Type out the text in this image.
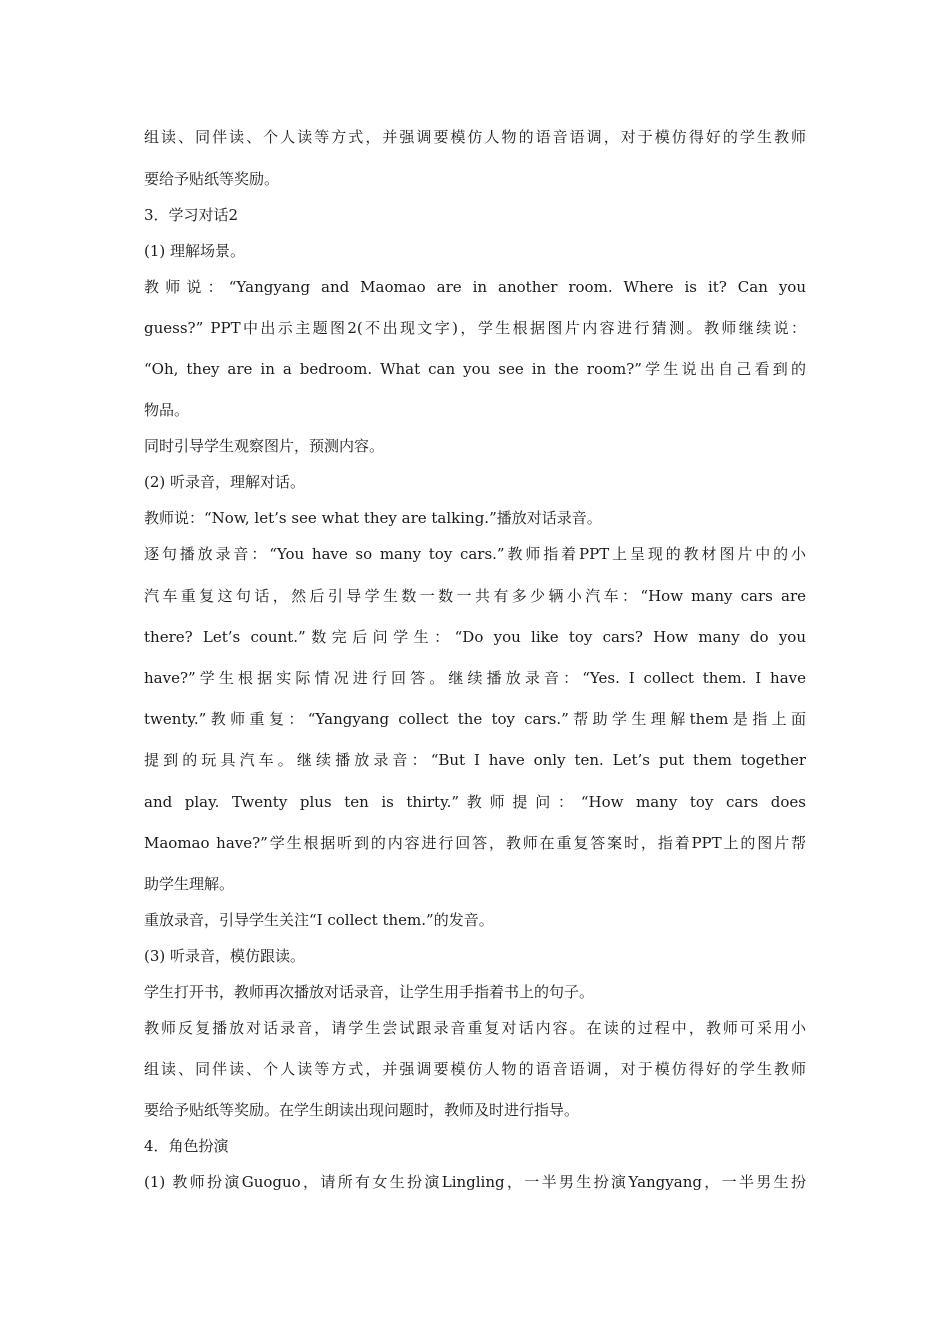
组读、同伴读、个人读等方式，并强调要模仿人物的语音语调，对于模仿得好的学生教师
要给予贴纸等奖励。
3．学习对话2
(1) 理解场景。
教师说：“Yangyang and Maomao are in another room. Where is it? Can you
guess?” PPT中出示主题图2(不出现文字)，学生根据图片内容进行猜测。教师继续说：
“Oh, they are in a bedroom. What can you see in the room?”学生说出自己看到的
物品。
同时引导学生观察图片，预测内容。
(2) 听录音，理解对话。
教师说：“Now, let’s see what they are talking.”播放对话录音。
逐句播放录音：“You have so many toy cars.”教师指着PPT上呈现的教材图片中的小
汽车重复这句话，然后引导学生数一数一共有多少辆小汽车：“How many cars are
there? Let’s count.”数完后问学生：“Do you like toy cars? How many do you
have?”学生根据实际情况进行回答。继续播放录音：“Yes. I collect them. I have
twenty.”教师重复：“Yangyang collect the toy cars.”帮助学生理解them是指上面
提到的玩具汽车。继续播放录音：“But I have only ten. Let’s put them together
and play. Twenty plus ten is thirty.”教师提问：“How many toy cars does
Maomao have?”学生根据听到的内容进行回答，教师在重复答案时，指着PPT上的图片帮
助学生理解。
重放录音，引导学生关注“I collect them.”的发音。
(3) 听录音，模仿跟读。
学生打开书，教师再次播放对话录音，让学生用手指着书上的句子。
教师反复播放对话录音，请学生尝试跟录音重复对话内容。在读的过程中，教师可采用小
组读、同伴读、个人读等方式，并强调要模仿人物的语音语调，对于模仿得好的学生教师
要给予贴纸等奖励。在学生朗读出现问题时，教师及时进行指导。
4．角色扮演
(1) 教师扮演Guoguo，请所有女生扮演Lingling，一半男生扮演Yangyang，一半男生扮
